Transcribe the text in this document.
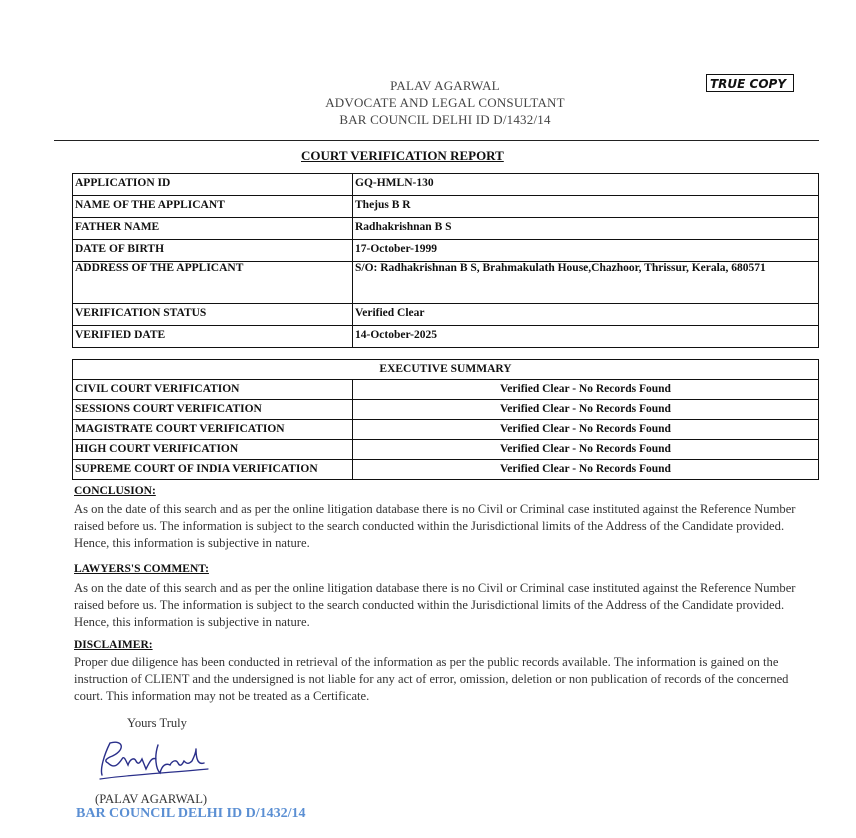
PALAV AGARWAL
ADVOCATE AND LEGAL CONSULTANT
BAR COUNCIL DELHI ID D/1432/14
TRUE COPY
COURT VERIFICATION REPORT
APPLICATION ID	GQ-HMLN-130
NAME OF THE APPLICANT	Thejus B R
FATHER NAME	Radhakrishnan B S
DATE OF BIRTH	17-October-1999
ADDRESS OF THE APPLICANT	S/O: Radhakrishnan B S, Brahmakulath House,Chazhoor, Thrissur, Kerala, 680571
VERIFICATION STATUS	Verified Clear
VERIFIED DATE	14-October-2025
EXECUTIVE SUMMARY	
CIVIL COURT VERIFICATION	Verified Clear - No Records Found
SESSIONS COURT VERIFICATION	Verified Clear - No Records Found
MAGISTRATE COURT VERIFICATION	Verified Clear - No Records Found
HIGH COURT VERIFICATION	Verified Clear - No Records Found
SUPREME COURT OF INDIA VERIFICATION	Verified Clear - No Records Found
CONCLUSION:

As on the date of this search and as per the online litigation database there is no Civil or Criminal case instituted against the Reference Number raised before us. The information is subject to the search conducted within the Jurisdictional limits of the Address of the Candidate provided. Hence, this information is subjective in nature.

LAWYERS'S COMMENT:

As on the date of this search and as per the online litigation database there is no Civil or Criminal case instituted against the Reference Number raised before us. The information is subject to the search conducted within the Jurisdictional limits of the Address of the Candidate provided. Hence, this information is subjective in nature.

DISCLAIMER:

Proper due diligence has been conducted in retrieval of the information as per the public records available. The information is gained on the instruction of CLIENT and the undersigned is not liable for any act of error, omission, deletion or non publication of records of the concerned court. This information may not be treated as a Certificate.

Yours Truly
(PALAV AGARWAL)
BAR COUNCIL DELHI ID D/1432/14
